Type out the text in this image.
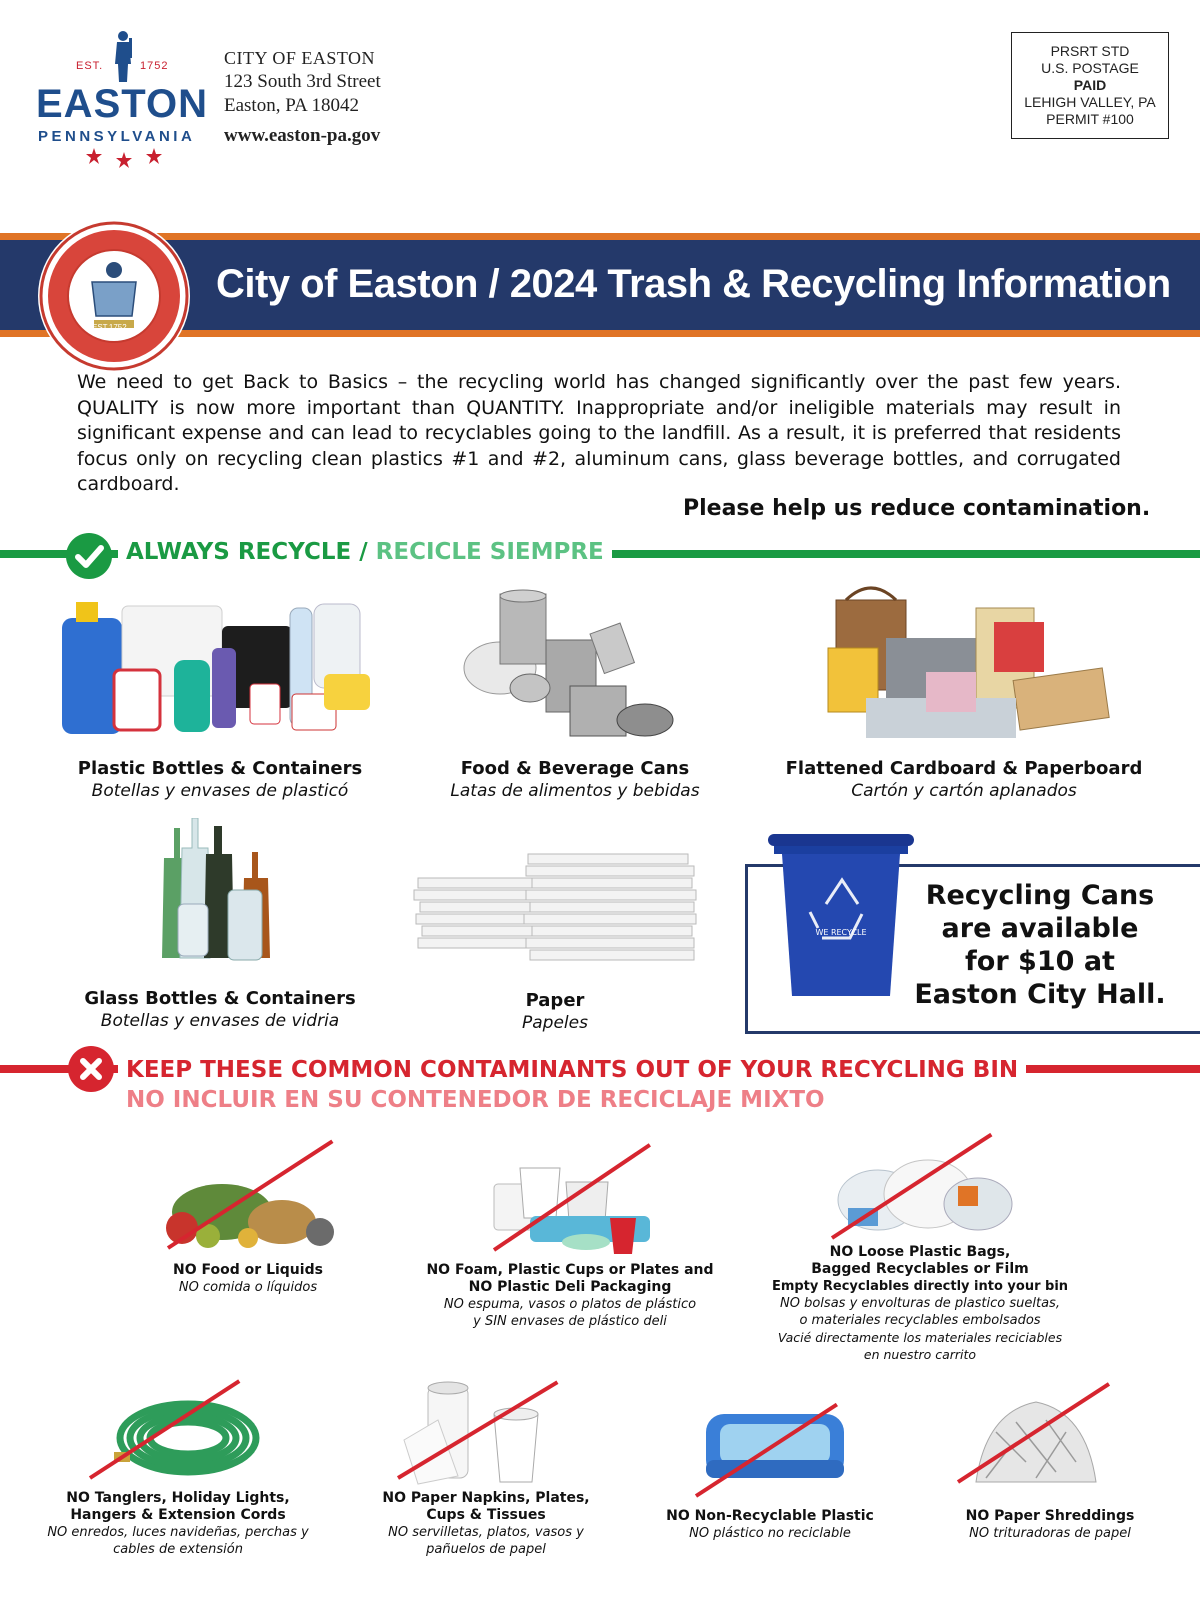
EST.	1752
EASTON
PENNSYLVANIA
CITY OF EASTON
123 South 3rd Street
Easton, PA 18042
www.easton-pa.gov
PRSRT STD
U.S. POSTAGE
PAID
LEHIGH VALLEY, PA
PERMIT #100
City of Easton / 2024 Trash & Recycling Information
EST.1752

We need to get Back to Basics – the recycling world has changed significantly over the past few years. QUALITY is now more important than QUANTITY. Inappropriate and/or ineligible materials may result in significant expense and can lead to recyclables going to the landfill. As a result, it is preferred that residents focus only on recycling clean plastics #1 and #2, aluminum cans, glass beverage bottles, and corrugated cardboard.

Please help us reduce contamination.
ALWAYS RECYCLE / RECICLE SIEMPRE
Plastic Bottles & Containers
Botellas y envases de plasticó
Food & Beverage Cans
Latas de alimentos y bebidas
Flattened Cardboard & Paperboard
Cartón y cartón aplanados
Glass Bottles & Containers
Botellas y envases de vidria
Paper
Papeles
WE RECYCLE
Recycling Cans
are available
for $10 at
Easton City Hall.
KEEP THESE COMMON CONTAMINANTS OUT OF YOUR RECYCLING BIN
NO INCLUIR EN SU CONTENEDOR DE RECICLAJE MIXTO
NO Food or Liquids
NO comida o líquidos
NO Foam, Plastic Cups or Plates and
NO Plastic Deli Packaging
NO espuma, vasos o platos de plástico
y SIN envases de plástico deli
NO Loose Plastic Bags,
Bagged Recyclables or Film
Empty Recyclables directly into your bin
NO bolsas y envolturas de plastico sueltas,
o materiales recyclables embolsados
Vacié directamente los materiales reciciables
en nuestro carrito
NO Tanglers, Holiday Lights,
Hangers & Extension Cords
NO enredos, luces navideñas, perchas y
cables de extensión
NO Paper Napkins, Plates,
Cups & Tissues
NO servilletas, platos, vasos y
pañuelos de papel
NO Non-Recyclable Plastic
NO plástico no reciclable
NO Paper Shreddings
NO trituradoras de papel
